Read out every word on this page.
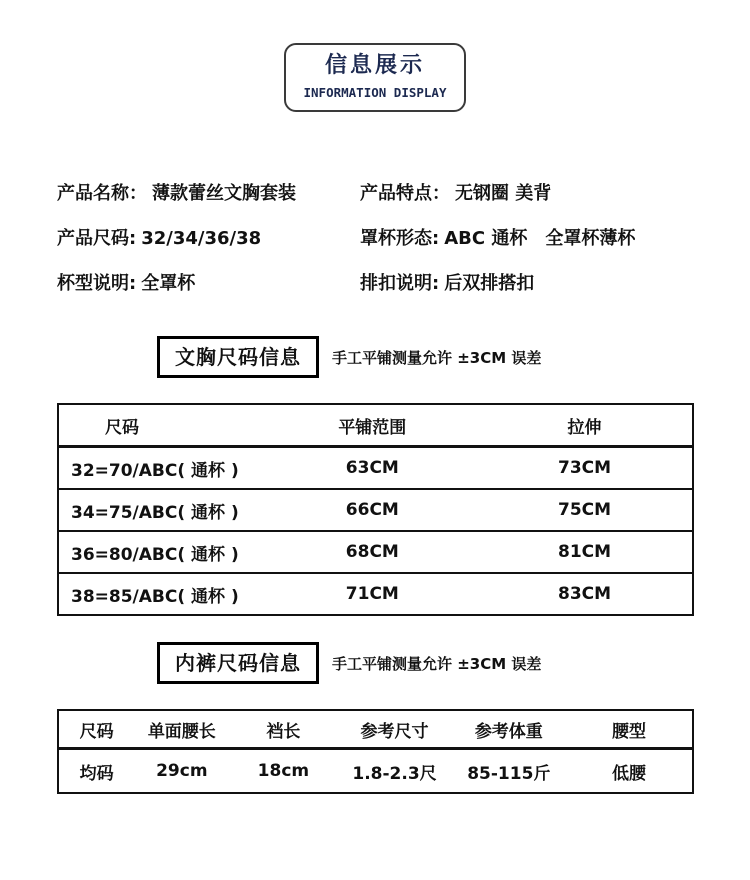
信息展示
INFORMATION DISPLAY
产品名称： 薄款蕾丝文胸套装	产品特点： 无钢圈 美背
产品尺码: 32/34/36/38	罩杯形态: ABC 通杯　全罩杯薄杯
杯型说明: 全罩杯	排扣说明: 后双排搭扣
文胸尺码信息	手工平铺测量允许 ±3CM 误差
尺码	平铺范围	拉伸
32=70/ABC( 通杯 )	63CM	73CM
34=75/ABC( 通杯 )	66CM	75CM
36=80/ABC( 通杯 )	68CM	81CM
38=85/ABC( 通杯 )	71CM	83CM
内裤尺码信息	手工平铺测量允许 ±3CM 误差
尺码	单面腰长	裆长	参考尺寸	参考体重	腰型
均码	29cm	18cm	1.8-2.3尺	85-115斤	低腰
